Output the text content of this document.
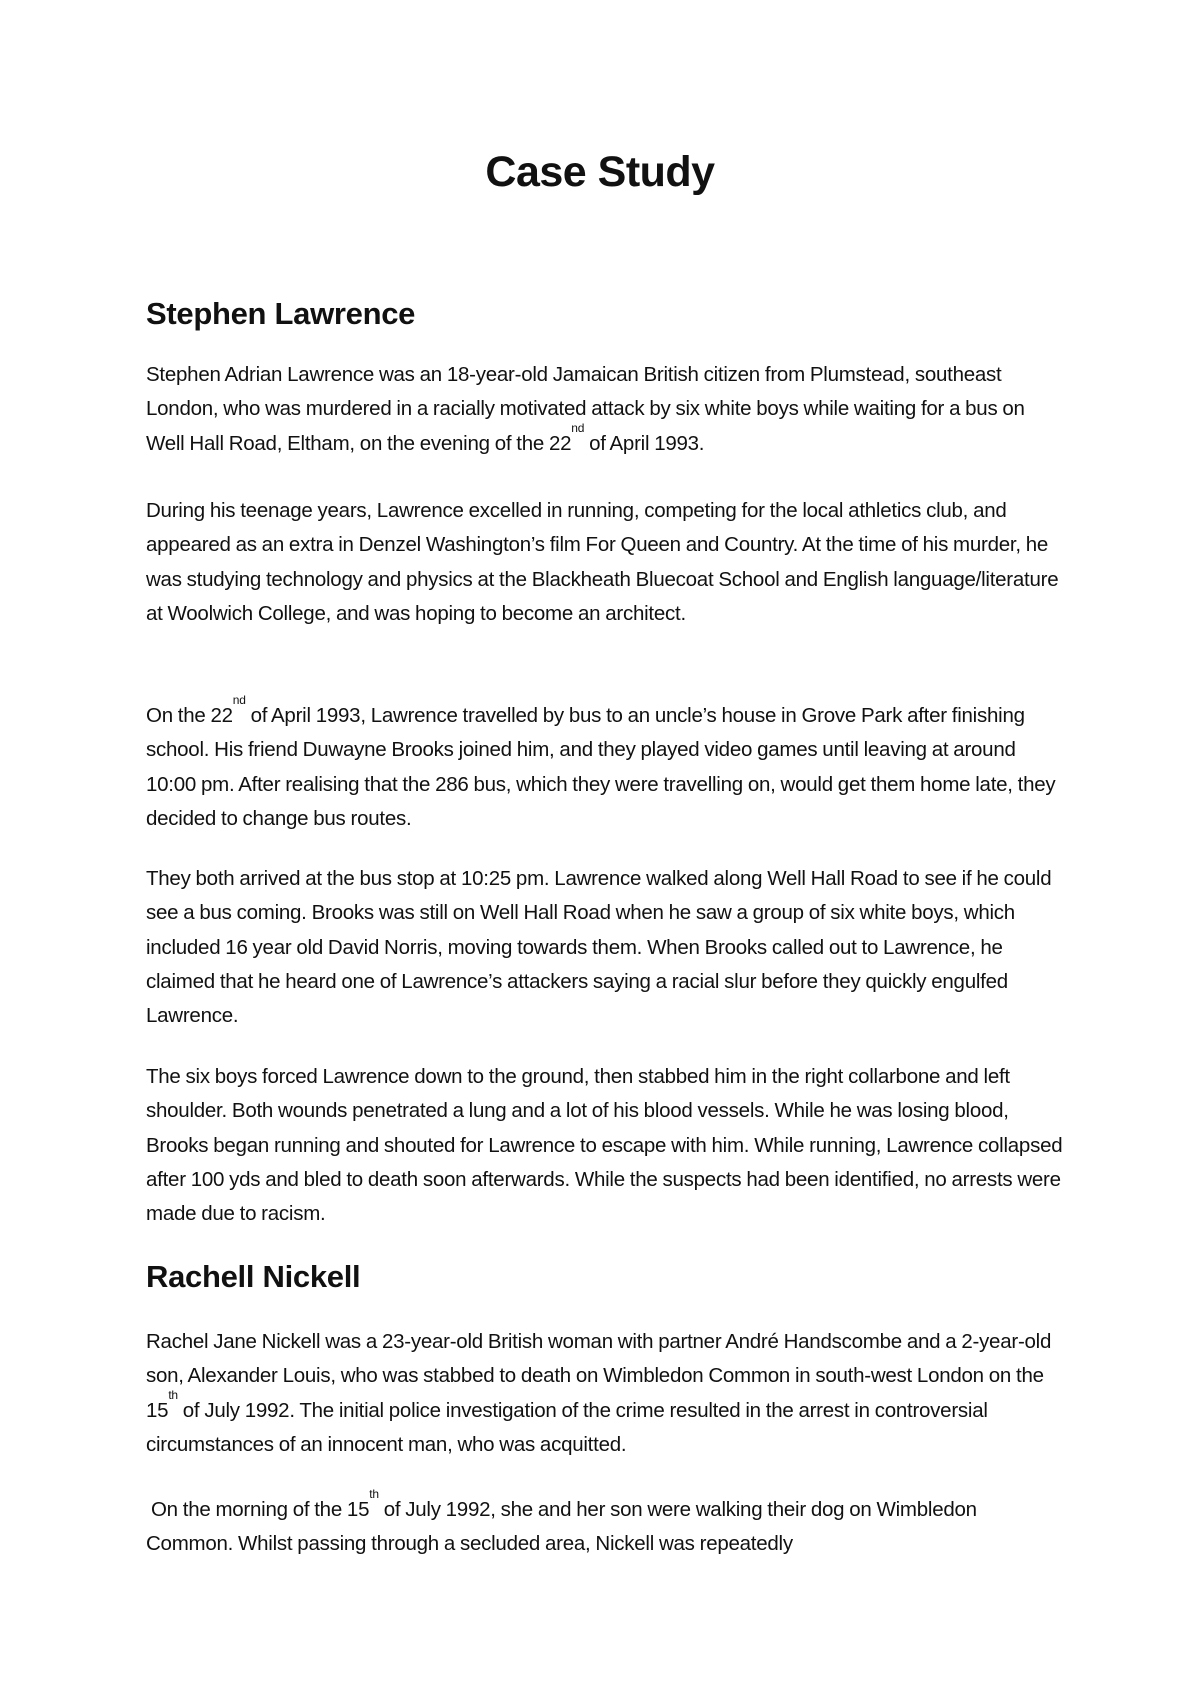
Case Study
Stephen Lawrence

Stephen Adrian Lawrence was an 18-year-old Jamaican British citizen from Plumstead, southeast London, who was murdered in a racially motivated attack by six white boys while waiting for a bus on Well Hall Road, Eltham, on the evening of the 22nd of April 1993.

During his teenage years, Lawrence excelled in running, competing for the local athletics club, and appeared as an extra in Denzel Washington’s film For Queen and Country. At the time of his murder, he was studying technology and physics at the Blackheath Bluecoat School and English language/literature at Woolwich College, and was hoping to become an architect.

On the 22nd of April 1993, Lawrence travelled by bus to an uncle’s house in Grove Park after finishing school. His friend Duwayne Brooks joined him, and they played video games until leaving at around 10:00 pm. After realising that the 286 bus, which they were travelling on, would get them home late, they decided to change bus routes.

They both arrived at the bus stop at 10:25 pm. Lawrence walked along Well Hall Road to see if he could see a bus coming. Brooks was still on Well Hall Road when he saw a group of six white boys, which included 16 year old David Norris, moving towards them. When Brooks called out to Lawrence, he claimed that he heard one of Lawrence’s attackers saying a racial slur before they quickly engulfed Lawrence.

The six boys forced Lawrence down to the ground, then stabbed him in the right collarbone and left shoulder. Both wounds penetrated a lung and a lot of his blood vessels. While he was losing blood, Brooks began running and shouted for Lawrence to escape with him. While running, Lawrence collapsed after 100 yds and bled to death soon afterwards. While the suspects had been identified, no arrests were made due to racism.

Rachell Nickell

Rachel Jane Nickell was a 23-year-old British woman with partner André Handscombe and a 2-year-old son, Alexander Louis, who was stabbed to death on Wimbledon Common in south-west London on the 15th of July 1992. The initial police investigation of the crime resulted in the arrest in controversial circumstances of an innocent man, who was acquitted.

On the morning of the 15th of July 1992, she and her son were walking their dog on Wimbledon Common. Whilst passing through a secluded area, Nickell was repeatedly
